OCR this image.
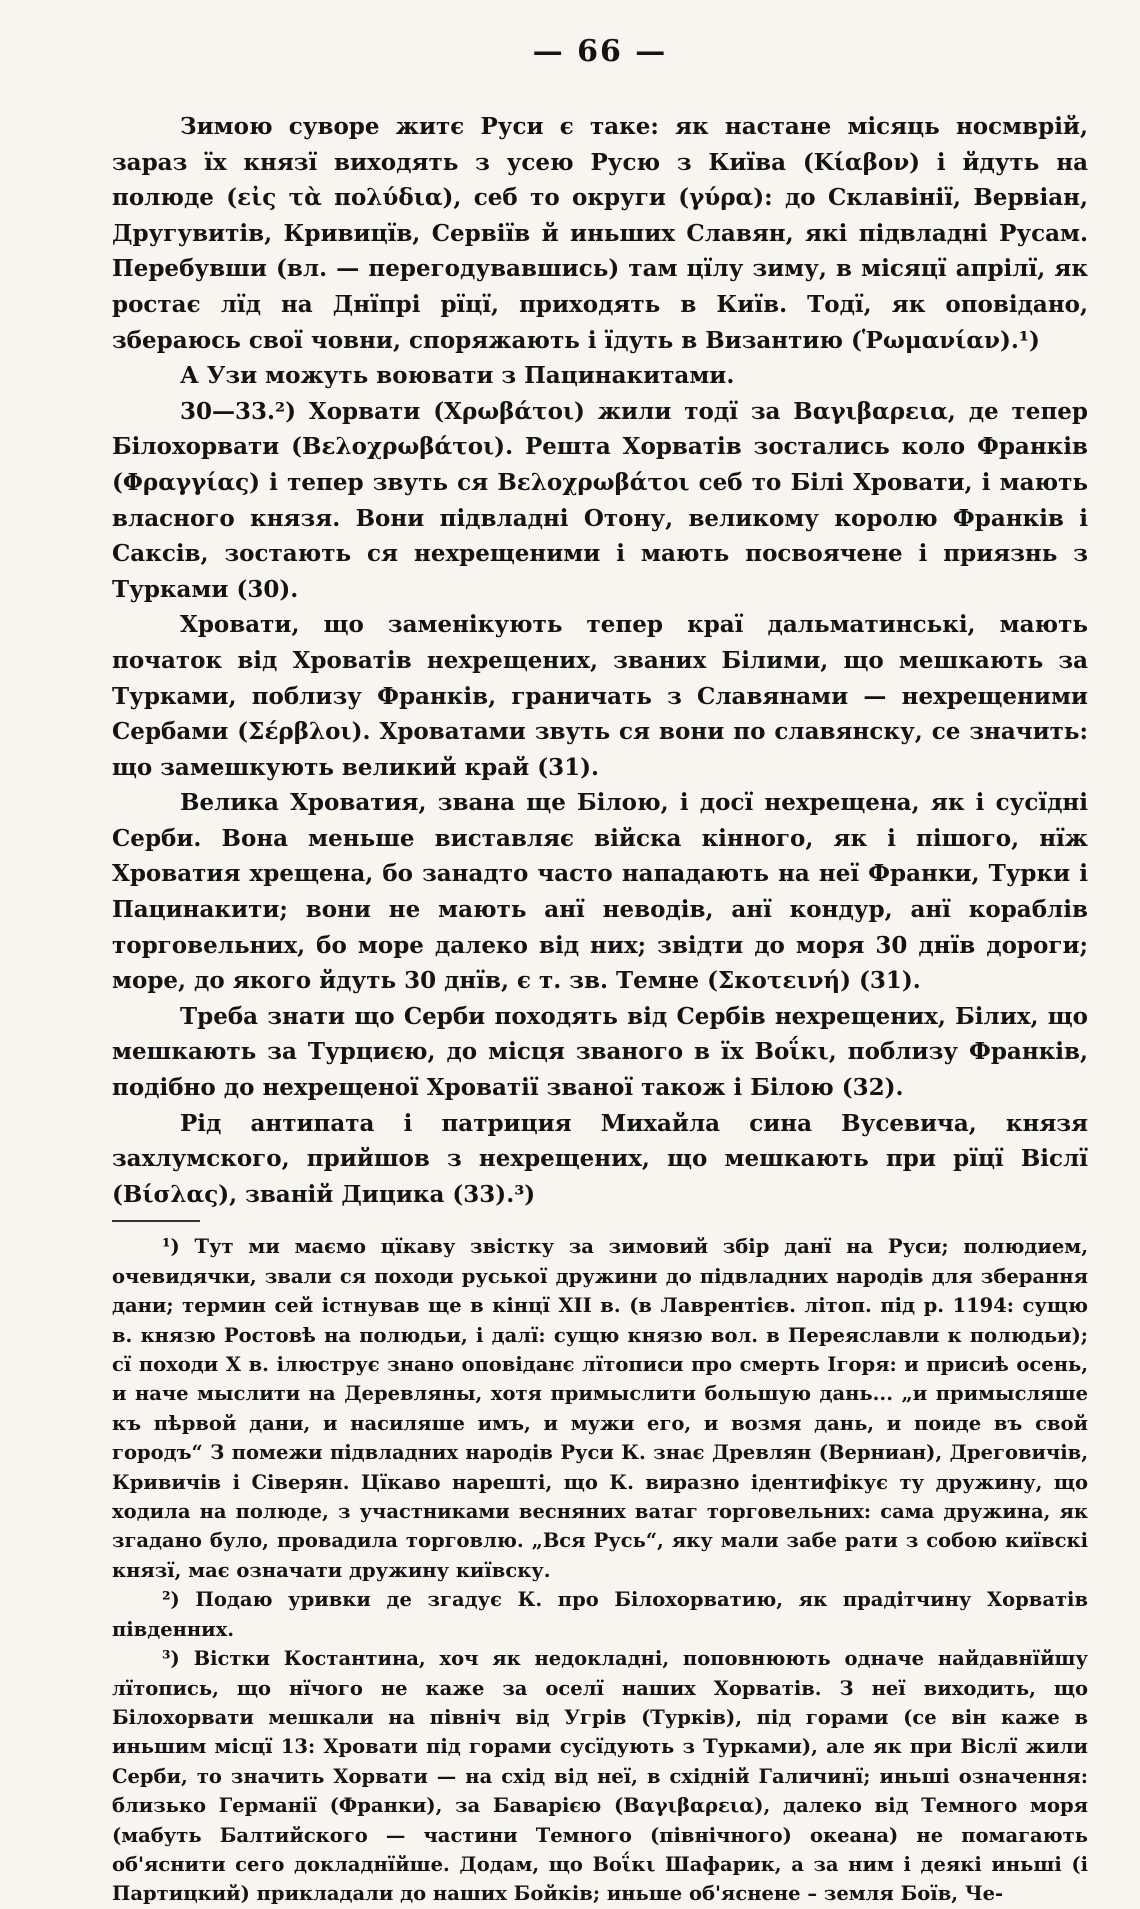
— 66 —

Зимою суворе житє Руси є таке: як настане місяць носмврій, зараз їх князї виходять з усею Русю з Київа (Κίαβον) і йдуть на полюде (εἰς τὰ πολύδια), себ то округи (γύρα): до Склавінії, Вервіан, Другувитів, Кривицїв, Сервіїв й иньших Славян, які підвладні Русам. Перебувши (вл. — перегодувавшись) там цїлу зиму, в місяцї апрілї, як ростає лїд на Днїпрі рїцї, приходять в Київ. Тодї, як оповідано, збераюсь свої човни, споряжають і їдуть в Византию (Ῥωμανίαν).¹)

А Узи можуть воювати з Пацинакитами.

30—33.²) Хорвати (Χρωβάτοι) жили тодї за Βαγιβαρεια, де тепер Білохорвати (Βελοχρωβάτοι). Решта Хорватів зостались коло Франків (Φραγγίας) і тепер звуть ся Βελοχρωβάτοι себ то Білі Хровати, і мають власного князя. Вони підвладні Отону, великому королю Франків і Саксів, зостають ся нехрещеними і мають посвоячене і приязнь з Турками (30).

Хровати, що заменікують тепер краї дальматинські, мають початок від Хроватів нехрещених, званих Білими, що мешкають за Турками, поблизу Франків, граничать з Славянами — нехрещеними Сербами (Σέρβλοι). Хроватами звуть ся вони по славянску, се значить: що замешкують великий край (31).

Велика Хроватия, звана ще Білою, і досї нехрещена, як і сусїдні Серби. Вона меньше виставляє війска кінного, як і пішого, нїж Хроватия хрещена, бо занадто часто нападають на неї Франки, Турки і Пацинакити; вони не мають анї неводів, анї кондур, анї кораблів торговельних, бо море далеко від них; звідти до моря 30 днїв дороги; море, до якого йдуть 30 днїв, є т. зв. Темне (Σκοτεινή) (31).

Треба знати що Серби походять від Сербів нехрещених, Білих, що мешкають за Турциєю, до місця званого в їх Βοΐκι, поблизу Франків, подібно до нехрещеної Хроватії званої також і Білою (32).

Рід антипата і патриция Михайла сина Вусевича, князя захлумского, прийшов з нехрещених, що мешкають при рїцї Віслї (Βίσλας), званій Дицика (33).³)

¹) Тут ми маємо цїкаву звістку за зимовий збір данї на Руси; полюдием, очевидячки, звали ся походи руської дружини до підвладних народів для зберання дани; термин сей істнував ще в кінцї XII в. (в Лаврентієв. літоп. під р. 1194: сущю в. князю Ростовѣ на полюдьи, і далї: сущю князю вол. в Переяславли к полюдьи); сї походи X в. ілюструє знано оповіданє лїтописи про смерть Ігоря: и присиѣ осень, и наче мыслити на Деревляны, хотя примыслити большую дань... „и примысляше къ пѣрвой дани, и насиляше имъ, и мужи его, и возмя дань, и поиде въ свой городъ“ З помежи підвладних народів Руси К. знає Древлян (Верниан), Дреговичів, Кривичів і Сіверян. Цїкаво нарешті, що К. виразно ідентифікує ту дружину, що ходила на полюде, з участниками весняних ватаг торговельних: сама дружина, як згадано було, провадила торговлю. „Вся Русь“, яку мали забе рати з собою київскі князї, має означати дружину київску.

²) Подаю уривки де згадує К. про Білохорватию, як прадітчину Хорватів південних.

³) Вістки Костантина, хоч як недокладні, поповнюють одначе найдавнїйшу лїтопись, що нїчого не каже за оселї наших Хорватів. З неї виходить, що Білохорвати мешкали на північ від Угрів (Турків), під горами (се він каже в иньшим місцї 13: Хровати під горами сусїдують з Турками), але як при Віслї жили Серби, то значить Хорвати — на схід від неї, в східній Галичинї; иньші означення: близько Германії (Франки), за Баварією (Βαγιβαρεια), далеко від Темного моря (мабуть Балтийского — частини Темного (північного) океана) не помагають об'яснити сего докладнїйше. Додам, що Βοΐκι Шафарик, а за ним і деякі иньші (і Партицкий) прикладали до наших Бойків; иньше об'яснене – земля Боїв, Че-
